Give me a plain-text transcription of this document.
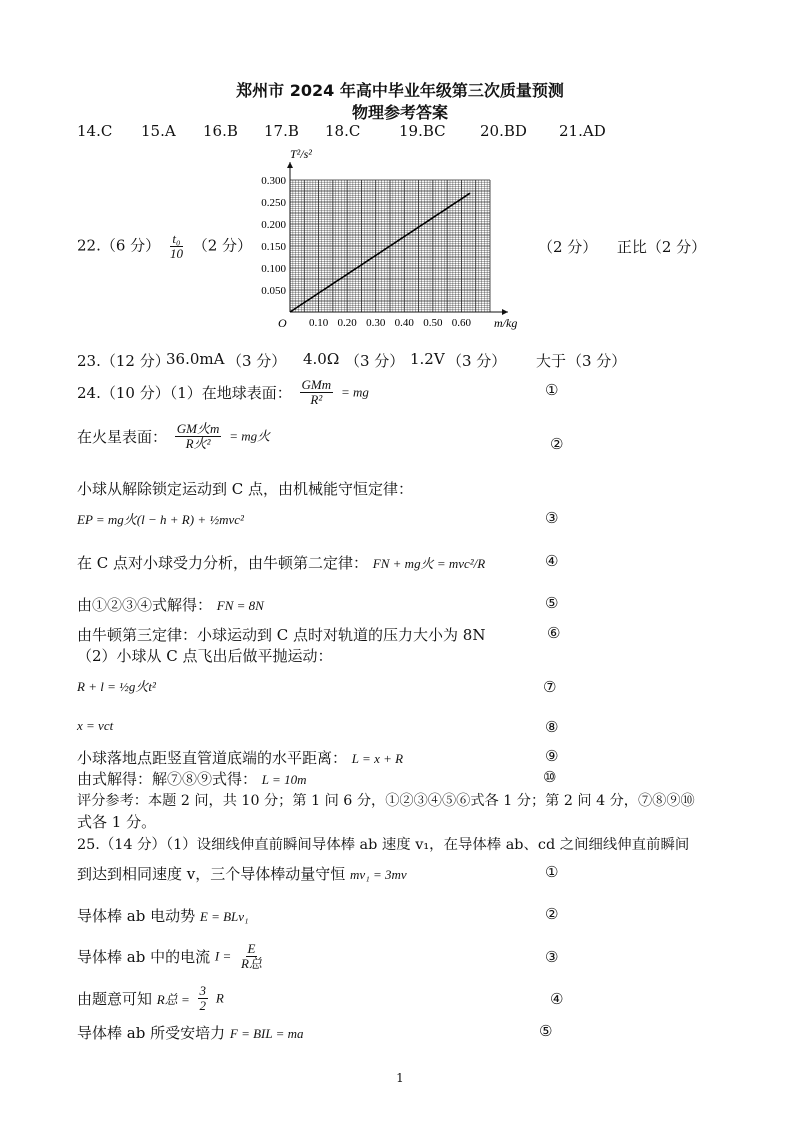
郑州市 2024 年高中毕业年级第三次质量预测
物理参考答案
14.C 15.A 16.B 17.B 18.C	19.BC 20.BD 21.AD
22.（6 分） $\frac{\text{t₀}}{10} (2$ 分）	（2 分） 正比（2 分）
0.10 0.20 0.30 0.40 0.50 0.60
0.300
0.250
0.200
0.150
0.100
0.050
T²/s²
m/kg
O
23.（12 分）
36.0mA （3 分） 4.0Ω （3 分） 1.2V （3 分） 大于 （3 分）
24.（10 分）（1）在地球表面： $\frac{\text{GMm}}{\text{R²}}$ = mg	①
在火星表面： $\frac{\text{GM火m}}{\text{R火²}}$ = mg火	②
小球从解除锁定运动到 C 点，由机械能守恒定律：
EP = mg火(l − h + R) + ½mvc²	③
在 C 点对小球受力分析，由牛顿第二定律： FN + mg火 = mvc²/R	④
由①②③④式解得： FN = 8N	⑤
由牛顿第三定律：小球运动到 C 点时对轨道的压力大小为 8N	⑥
（2）小球从 C 点飞出后做平抛运动：
R + l = ½g火t²	⑦
x = vct	⑧
小球落地点距竖直管道底端的水平距离： L = x + R	⑨
由式解得：解⑦⑧⑨式得： L = 10m	⑩
评分参考：本题 2 问，共 10 分；第 1 问 6 分，①②③④⑤⑥式各 1 分；第 2 问 4 分，⑦⑧⑨⑩
式各 1 分。
25.（14 分）（1）设细线伸直前瞬间导体棒 ab 速度 v₁，在导体棒 ab、cd 之间细线伸直前瞬间
到达到相同速度 v，三个导体棒动量守恒 mv₁ = 3mv	①
导体棒 ab 电动势 E = BLv₁	②
导体棒 ab 中的电流 $I = \frac{E}{\text{R总}}$	③
由题意可知 R总 = $\frac{3}{2}$ R	④
导体棒 ab 所受安培力 F = BIL = ma	⑤
1
